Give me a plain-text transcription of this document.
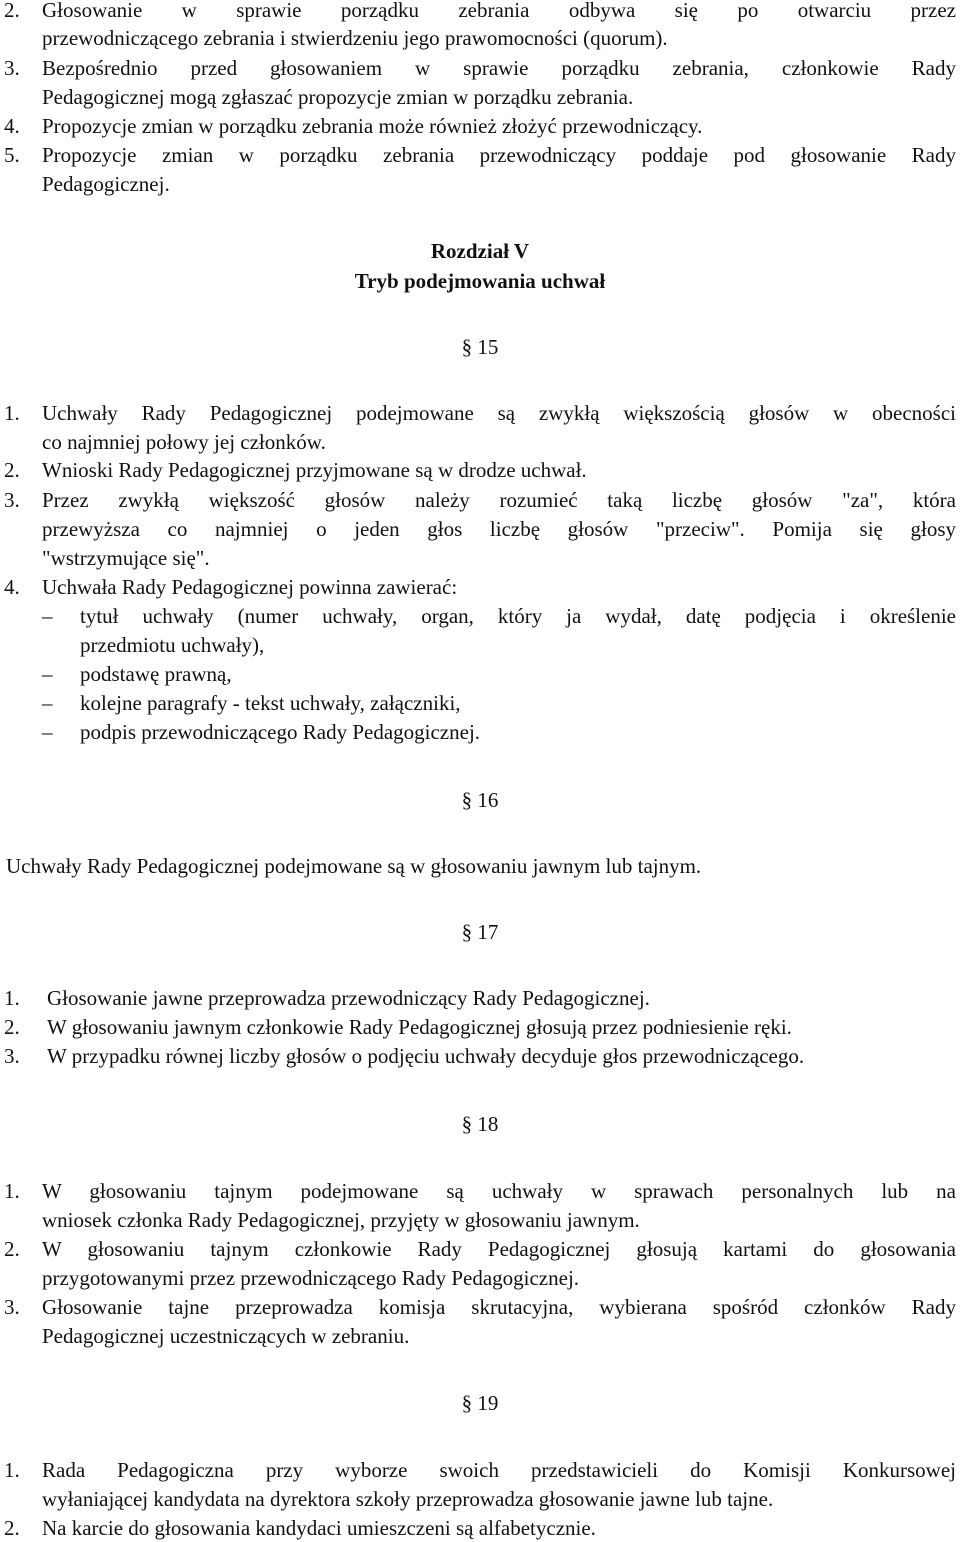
2. Głosowanie w sprawie porządku zebrania odbywa się po otwarciu przez
przewodniczącego zebrania i stwierdzeniu jego prawomocności (quorum).
3. Bezpośrednio przed głosowaniem w sprawie porządku zebrania, członkowie Rady
Pedagogicznej mogą zgłaszać propozycje zmian w porządku zebrania.
4. Propozycje zmian w porządku zebrania może również złożyć przewodniczący.
5. Propozycje zmian w porządku zebrania przewodniczący poddaje pod głosowanie Rady
Pedagogicznej.
Rozdział V
Tryb podejmowania uchwał
§ 15
1. Uchwały Rady Pedagogicznej podejmowane są zwykłą większością głosów w obecności
co najmniej połowy jej członków.
2. Wnioski Rady Pedagogicznej przyjmowane są w drodze uchwał.
3. Przez zwykłą większość głosów należy rozumieć taką liczbę głosów "za", która
przewyższa co najmniej o jeden głos liczbę głosów "przeciw". Pomija się głosy
"wstrzymujące się".
4. Uchwała Rady Pedagogicznej powinna zawierać:
– tytuł uchwały (numer uchwały, organ, który ja wydał, datę podjęcia i określenie
przedmiotu uchwały),
– podstawę prawną,
– kolejne paragrafy - tekst uchwały, załączniki,
– podpis przewodniczącego Rady Pedagogicznej.
§ 16
Uchwały Rady Pedagogicznej podejmowane są w głosowaniu jawnym lub tajnym.
§ 17
1. Głosowanie jawne przeprowadza przewodniczący Rady Pedagogicznej.
2. W głosowaniu jawnym członkowie Rady Pedagogicznej głosują przez podniesienie ręki.
3. W przypadku równej liczby głosów o podjęciu uchwały decyduje głos przewodniczącego.
§ 18
1. W głosowaniu tajnym podejmowane są uchwały w sprawach personalnych lub na
wniosek członka Rady Pedagogicznej, przyjęty w głosowaniu jawnym.
2. W głosowaniu tajnym członkowie Rady Pedagogicznej głosują kartami do głosowania
przygotowanymi przez przewodniczącego Rady Pedagogicznej.
3. Głosowanie tajne przeprowadza komisja skrutacyjna, wybierana spośród członków Rady
Pedagogicznej uczestniczących w zebraniu.
§ 19
1. Rada Pedagogiczna przy wyborze swoich przedstawicieli do Komisji Konkursowej
wyłaniającej kandydata na dyrektora szkoły przeprowadza głosowanie jawne lub tajne.
2. Na karcie do głosowania kandydaci umieszczeni są alfabetycznie.
